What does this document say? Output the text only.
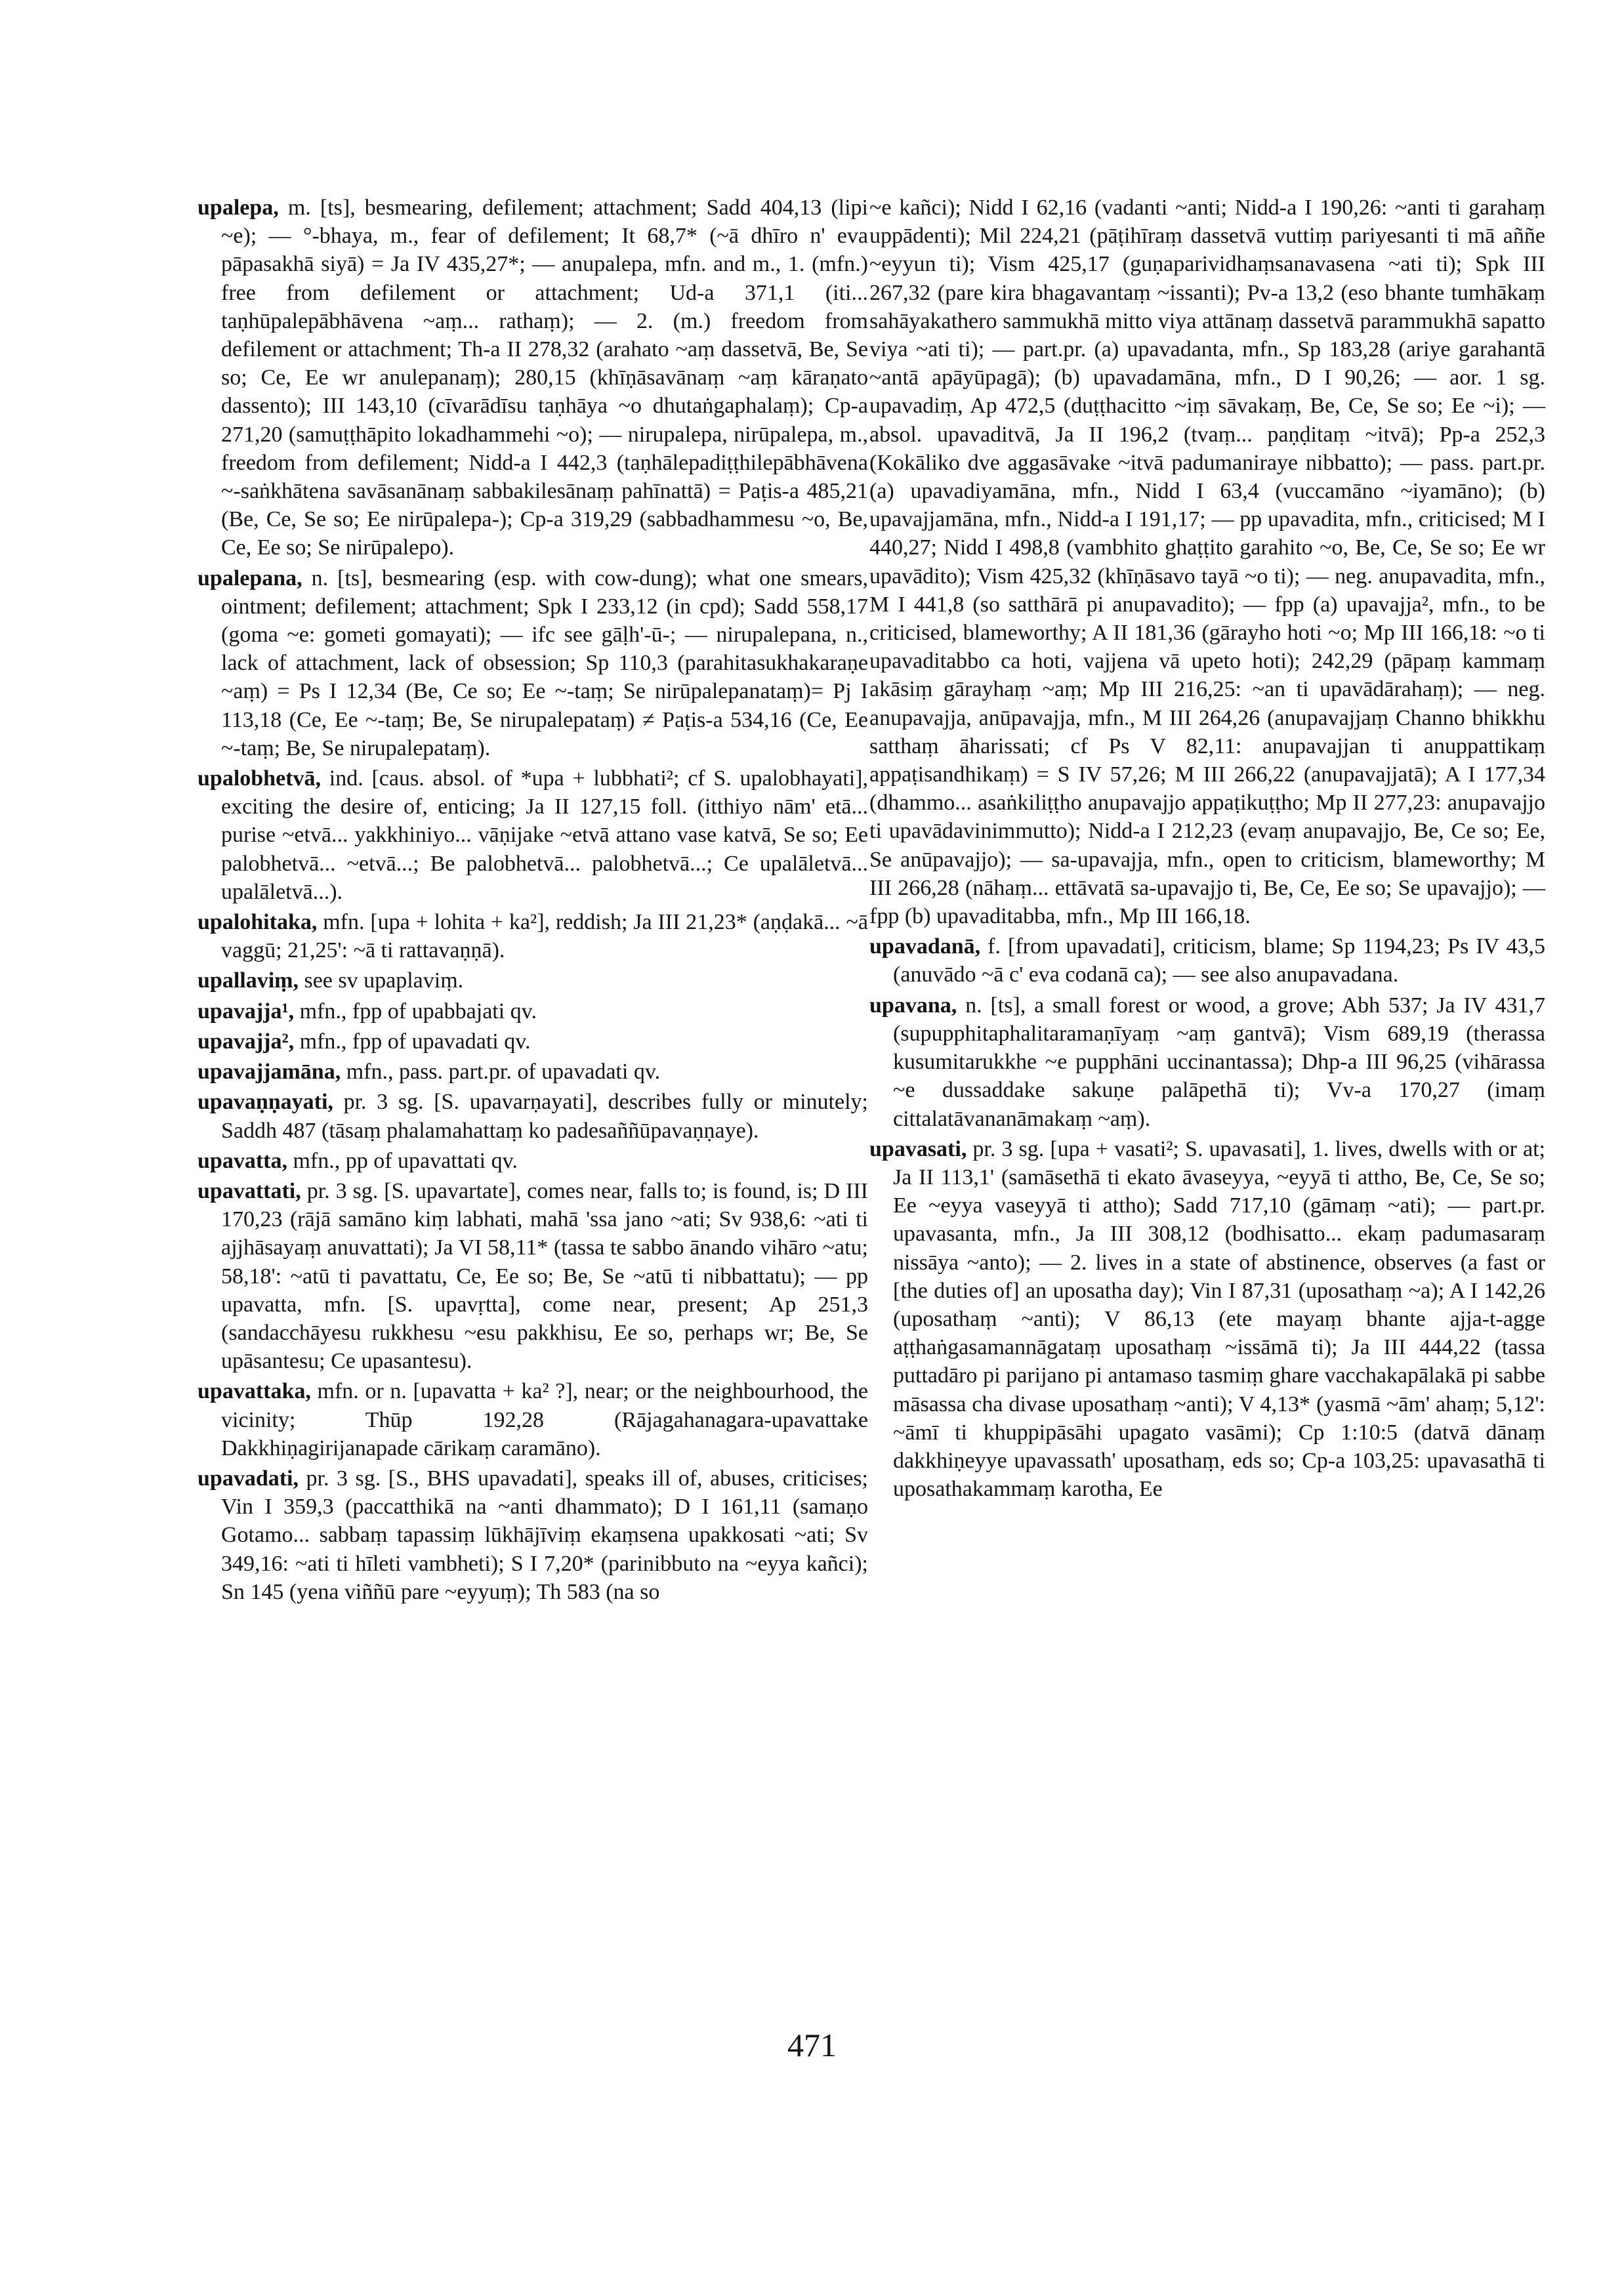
upalepa, m. [ts], besmearing, defilement; attachment; Sadd 404,13 (lipi ~e); — °-bhaya, m., fear of defilement; It 68,7* (~ā dhīro n' eva pāpasakhā siyā) = Ja IV 435,27*; — anupalepa, mfn. and m., 1. (mfn.) free from defilement or attachment; Ud-a 371,1 (iti... taṇhūpalepābhāvena ~aṃ... rathaṃ); — 2. (m.) freedom from defilement or attachment; Th-a II 278,32 (arahato ~aṃ dassetvā, Be, Se so; Ce, Ee wr anulepanaṃ); 280,15 (khīṇāsavānaṃ ~aṃ kāraṇato dassento); III 143,10 (cīvarādīsu taṇhāya ~o dhutaṅgaphalaṃ); Cp-a 271,20 (samuṭṭhāpito lokadhammehi ~o); — nirupalepa, nirūpalepa, m., freedom from defilement; Nidd-a I 442,3 (taṇhālepadiṭṭhilepābhāvena ~-saṅkhātena savāsanānaṃ sabbakilesānaṃ pahīnattā) = Paṭis-a 485,21 (Be, Ce, Se so; Ee nirūpalepa-); Cp-a 319,29 (sabbadhammesu ~o, Be, Ce, Ee so; Se nirūpalepo).

upalepana, n. [ts], besmearing (esp. with cow-dung); what one smears, ointment; defilement; attachment; Spk I 233,12 (in cpd); Sadd 558,17 (goma ~e: gometi gomayati); — ifc see gāḷh'-ū-; — nirupalepana, n., lack of attachment, lack of obsession; Sp 110,3 (parahitasukhakaraṇe ~aṃ) = Ps I 12,34 (Be, Ce so; Ee ~-taṃ; Se nirūpalepanataṃ)= Pj I 113,18 (Ce, Ee ~-taṃ; Be, Se nirupalepataṃ) ≠ Paṭis-a 534,16 (Ce, Ee ~-taṃ; Be, Se nirupalepataṃ).

upalobhetvā, ind. [caus. absol. of *upa + lubbhati²; cf S. upalobhayati], exciting the desire of, enticing; Ja II 127,15 foll. (itthiyo nām' etā... purise ~etvā... yakkhiniyo... vāṇijake ~etvā attano vase katvā, Se so; Ee palobhetvā... ~etvā...; Be palobhetvā... palobhetvā...; Ce upalāletvā... upalāletvā...).

upalohitaka, mfn. [upa + lohita + ka²], reddish; Ja III 21,23* (aṇḍakā... ~ā vaggū; 21,25': ~ā ti rattavaṇṇā).

upallaviṃ, see sv upaplaviṃ.

upavajja¹, mfn., fpp of upabbajati qv.

upavajja², mfn., fpp of upavadati qv.

upavajjamāna, mfn., pass. part.pr. of upavadati qv.

upavaṇṇayati, pr. 3 sg. [S. upavarṇayati], describes fully or minutely; Saddh 487 (tāsaṃ phalamahattaṃ ko padesaññūpavaṇṇaye).

upavatta, mfn., pp of upavattati qv.

upavattati, pr. 3 sg. [S. upavartate], comes near, falls to; is found, is; D III 170,23 (rājā samāno kiṃ labhati, mahā 'ssa jano ~ati; Sv 938,6: ~ati ti ajjhāsayaṃ anuvattati); Ja VI 58,11* (tassa te sabbo ānando vihāro ~atu; 58,18': ~atū ti pavattatu, Ce, Ee so; Be, Se ~atū ti nibbattatu); — pp upavatta, mfn. [S. upavṛtta], come near, present; Ap 251,3 (sandacchāyesu rukkhesu ~esu pakkhisu, Ee so, perhaps wr; Be, Se upāsantesu; Ce upasantesu).

upavattaka, mfn. or n. [upavatta + ka² ?], near; or the neighbourhood, the vicinity; Thūp 192,28 (Rājagahanagara-upavattake Dakkhiṇagirijanapade cārikaṃ caramāno).

upavadati, pr. 3 sg. [S., BHS upavadati], speaks ill of, abuses, criticises; Vin I 359,3 (paccatthikā na ~anti dhammato); D I 161,11 (samaṇo Gotamo... sabbaṃ tapassiṃ lūkhājīviṃ ekaṃsena upakkosati ~ati; Sv 349,16: ~ati ti hīleti vambheti); S I 7,20* (parinibbuto na ~eyya kañci); Sn 145 (yena viññū pare ~eyyuṃ); Th 583 (na so

~e kañci); Nidd I 62,16 (vadanti ~anti; Nidd-a I 190,26: ~anti ti garahaṃ uppādenti); Mil 224,21 (pāṭihīraṃ dassetvā vuttiṃ pariyesanti ti mā aññe ~eyyun ti); Vism 425,17 (guṇaparividhaṃsanavasena ~ati ti); Spk III 267,32 (pare kira bhagavantaṃ ~issanti); Pv-a 13,2 (eso bhante tumhākaṃ sahāyakathero sammukhā mitto viya attānaṃ dassetvā parammukhā sapatto viya ~ati ti); — part.pr. (a) upavadanta, mfn., Sp 183,28 (ariye garahantā ~antā apāyūpagā); (b) upavadamāna, mfn., D I 90,26; — aor. 1 sg. upavadiṃ, Ap 472,5 (duṭṭhacitto ~iṃ sāvakaṃ, Be, Ce, Se so; Ee ~i); — absol. upavaditvā, Ja II 196,2 (tvaṃ... paṇḍitaṃ ~itvā); Pp-a 252,3 (Kokāliko dve aggasāvake ~itvā padumaniraye nibbatto); — pass. part.pr. (a) upavadiyamāna, mfn., Nidd I 63,4 (vuccamāno ~iyamāno); (b) upavajjamāna, mfn., Nidd-a I 191,17; — pp upavadita, mfn., criticised; M I 440,27; Nidd I 498,8 (vambhito ghaṭṭito garahito ~o, Be, Ce, Se so; Ee wr upavādito); Vism 425,32 (khīṇāsavo tayā ~o ti); — neg. anupavadita, mfn., M I 441,8 (so satthārā pi anupavadito); — fpp (a) upavajja², mfn., to be criticised, blameworthy; A II 181,36 (gārayho hoti ~o; Mp III 166,18: ~o ti upavaditabbo ca hoti, vajjena vā upeto hoti); 242,29 (pāpaṃ kammaṃ akāsiṃ gārayhaṃ ~aṃ; Mp III 216,25: ~an ti upavādārahaṃ); — neg. anupavajja, anūpavajja, mfn., M III 264,26 (anupavajjaṃ Channo bhikkhu satthaṃ āharissati; cf Ps V 82,11: anupavajjan ti anuppattikaṃ appaṭisandhikaṃ) = S IV 57,26; M III 266,22 (anupavajjatā); A I 177,34 (dhammo... asaṅkiliṭṭho anupavajjo appaṭikuṭṭho; Mp II 277,23: anupavajjo ti upavādavinimmutto); Nidd-a I 212,23 (evaṃ anupavajjo, Be, Ce so; Ee, Se anūpavajjo); — sa-upavajja, mfn., open to criticism, blameworthy; M III 266,28 (nāhaṃ... ettāvatā sa-upavajjo ti, Be, Ce, Ee so; Se upavajjo); — fpp (b) upavaditabba, mfn., Mp III 166,18.

upavadanā, f. [from upavadati], criticism, blame; Sp 1194,23; Ps IV 43,5 (anuvādo ~ā c' eva codanā ca); — see also anupavadana.

upavana, n. [ts], a small forest or wood, a grove; Abh 537; Ja IV 431,7 (supupphitaphalitaramaṇīyaṃ ~aṃ gantvā); Vism 689,19 (therassa kusumitarukkhe ~e pupphāni uccinantassa); Dhp-a III 96,25 (vihārassa ~e dussaddake sakuṇe palāpethā ti); Vv-a 170,27 (imaṃ cittalatāvananāmakaṃ ~aṃ).

upavasati, pr. 3 sg. [upa + vasati²; S. upavasati], 1. lives, dwells with or at; Ja II 113,1' (samāsethā ti ekato āvaseyya, ~eyyā ti attho, Be, Ce, Se so; Ee ~eyya vaseyyā ti attho); Sadd 717,10 (gāmaṃ ~ati); — part.pr. upavasanta, mfn., Ja III 308,12 (bodhisatto... ekaṃ padumasaraṃ nissāya ~anto); — 2. lives in a state of abstinence, observes (a fast or [the duties of] an uposatha day); Vin I 87,31 (uposathaṃ ~a); A I 142,26 (uposathaṃ ~anti); V 86,13 (ete mayaṃ bhante ajja-t-agge aṭṭhaṅgasamannāgataṃ uposathaṃ ~issāmā ti); Ja III 444,22 (tassa puttadāro pi parijano pi antamaso tasmiṃ ghare vacchakapālakā pi sabbe māsassa cha divase uposathaṃ ~anti); V 4,13* (yasmā ~ām' ahaṃ; 5,12': ~āmī ti khuppipāsāhi upagato vasāmi); Cp 1:10:5 (datvā dānaṃ dakkhiṇeyye upavassath' uposathaṃ, eds so; Cp-a 103,25: upavasathā ti uposathakammaṃ karotha, Ee

471
